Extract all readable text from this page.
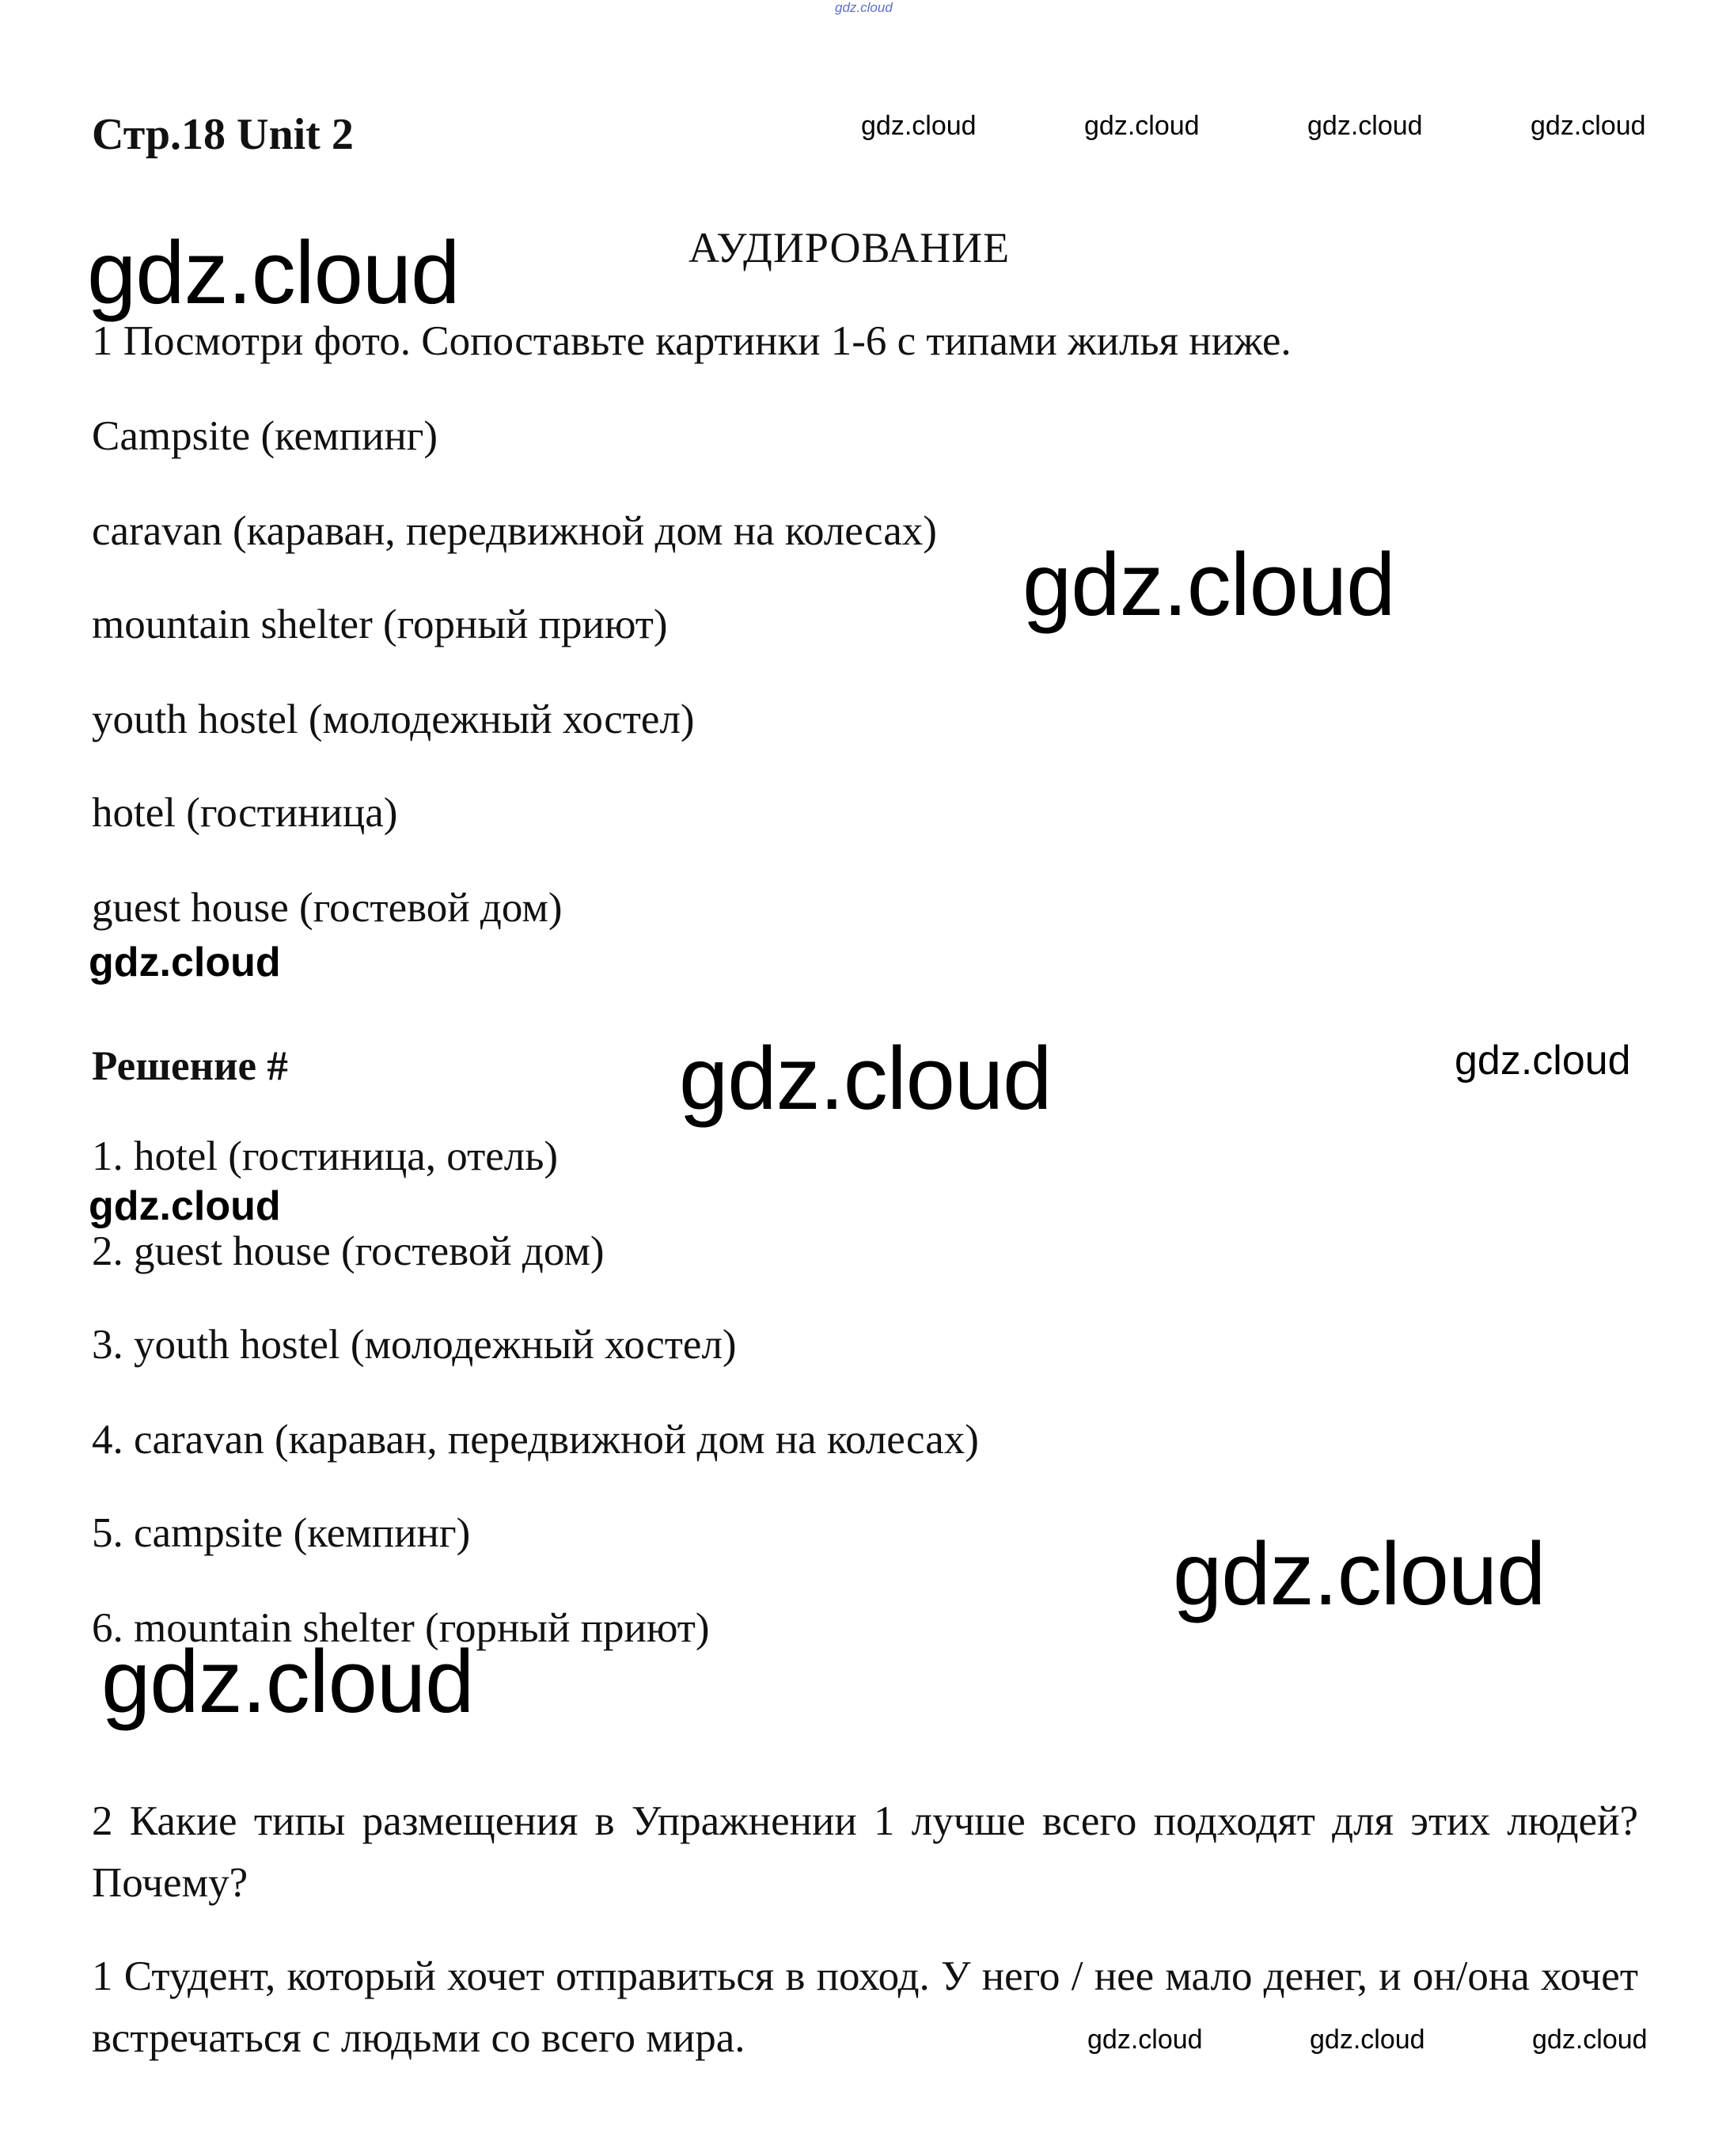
gdz.cloud
Стр.18 Unit 2	gdz.cloud	gdz.cloud	gdz.cloud	gdz.cloud
АУДИРОВАНИЕ
gdz.cloud
1 Посмотри фото. Сопоставьте картинки 1-6 с типами жилья ниже.
Campsite (кемпинг)
caravan (караван, передвижной дом на колесах)
mountain shelter (горный приют)
youth hostel (молодежный хостел)
hotel (гостиница)
guest house (гостевой дом)
gdz.cloud
gdz.cloud
Решение #	gdz.cloud	gdz.cloud
1. hotel (гостиница, отель)
gdz.cloud
2. guest house (гостевой дом)
3. youth hostel (молодежный хостел)
4. caravan (караван, передвижной дом на колесах)
5. campsite (кемпинг)
6. mountain shelter (горный приют)
gdz.cloud
gdz.cloud
2 Какие типы размещения в Упражнении 1 лучше всего подходят для этих людей? Почему?
1 Студент, который хочет отправиться в поход. У него / нее мало денег, и он/она хочет встречаться с людьми со всего мира.	gdz.cloud	gdz.cloud	gdz.cloud
